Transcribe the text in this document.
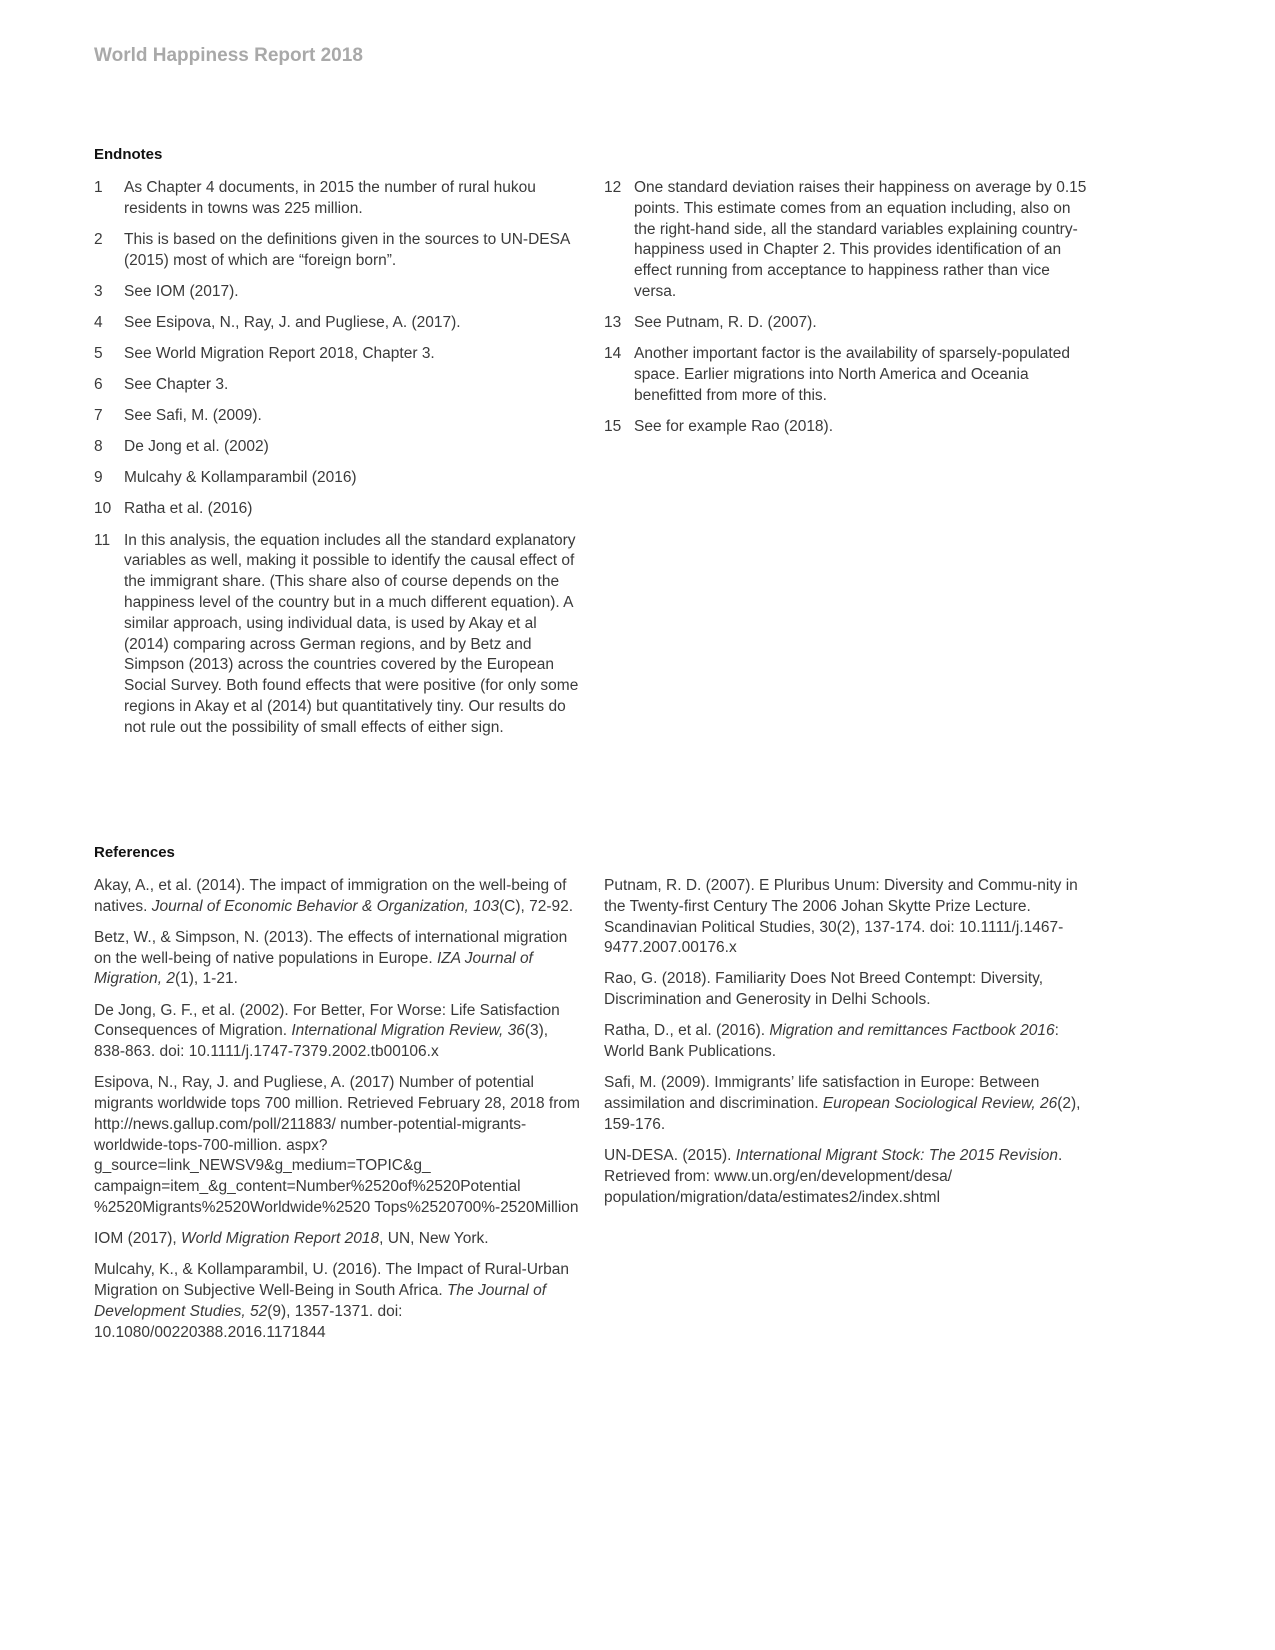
World Happiness Report 2018
Endnotes
1	As Chapter 4 documents, in 2015 the number of rural hukou residents in towns was 225 million.
2	This is based on the definitions given in the sources to UN-DESA (2015) most of which are “foreign born”.
3	See IOM (2017).
4	See Esipova, N., Ray, J. and Pugliese, A. (2017).
5	See World Migration Report 2018, Chapter 3.
6	See Chapter 3.
7	See Safi, M. (2009).
8	De Jong et al. (2002)
9	Mulcahy & Kollamparambil (2016)
10 Ratha et al. (2016)
11 In this analysis, the equation includes all the standard explanatory variables as well, making it possible to identify the causal effect of the immigrant share. (This share also of course depends on the happiness level of the country but in a much different equation). A similar approach, using individual data, is used by Akay et al (2014) comparing across German regions, and by Betz and Simpson (2013) across the countries covered by the European Social Survey. Both found effects that were positive (for only some regions in Akay et al (2014) but quantitatively tiny. Our results do not rule out the possibility of small effects of either sign.
12 One standard deviation raises their happiness on average by 0.15 points. This estimate comes from an equation including, also on the right-hand side, all the standard variables explaining country-happiness used in Chapter 2. This provides identification of an effect running from acceptance to happiness rather than vice versa.
13 See Putnam, R. D. (2007).
14 Another important factor is the availability of sparsely-populated space. Earlier migrations into North America and Oceania benefitted from more of this.
15 See for example Rao (2018).
References
Akay, A., et al. (2014). The impact of immigration on the well-being of natives. Journal of Economic Behavior & Organization, 103(C), 72-92.
Betz, W., & Simpson, N. (2013). The effects of international migration on the well-being of native populations in Europe. IZA Journal of Migration, 2(1), 1-21.
De Jong, G. F., et al. (2002). For Better, For Worse: Life Satisfaction Consequences of Migration. International Migration Review, 36(3), 838-863. doi: 10.1111/j.1747-7379.2002.tb00106.x
Esipova, N., Ray, J. and Pugliese, A. (2017) Number of potential migrants worldwide tops 700 million. Retrieved February 28, 2018 from http://news.gallup.com/poll/211883/ number-potential-migrants-worldwide-tops-700-million. aspx?g_source=link_NEWSV9&g_medium=TOPIC&g_ campaign=item_&g_content=Number%2520of%2520Potential %2520Migrants%2520Worldwide%2520 Tops%2520700%-2520Million
IOM (2017), World Migration Report 2018, UN, New York.
Mulcahy, K., & Kollamparambil, U. (2016). The Impact of Rural-Urban Migration on Subjective Well-Being in South Africa. The Journal of Development Studies, 52(9), 1357-1371. doi: 10.1080/00220388.2016.1171844
Putnam, R. D. (2007). E Pluribus Unum: Diversity and Commu-nity in the Twenty-first Century The 2006 Johan Skytte Prize Lecture. Scandinavian Political Studies, 30(2), 137-174. doi: 10.1111/j.1467-9477.2007.00176.x
Rao, G. (2018). Familiarity Does Not Breed Contempt: Diversity, Discrimination and Generosity in Delhi Schools.
Ratha, D., et al. (2016). Migration and remittances Factbook 2016: World Bank Publications.
Safi, M. (2009). Immigrants’ life satisfaction in Europe: Between assimilation and discrimination. European Sociological Review, 26(2), 159-176.
UN-DESA. (2015). International Migrant Stock: The 2015 Revision. Retrieved from: www.un.org/en/development/desa/ population/migration/data/estimates2/index.shtml
